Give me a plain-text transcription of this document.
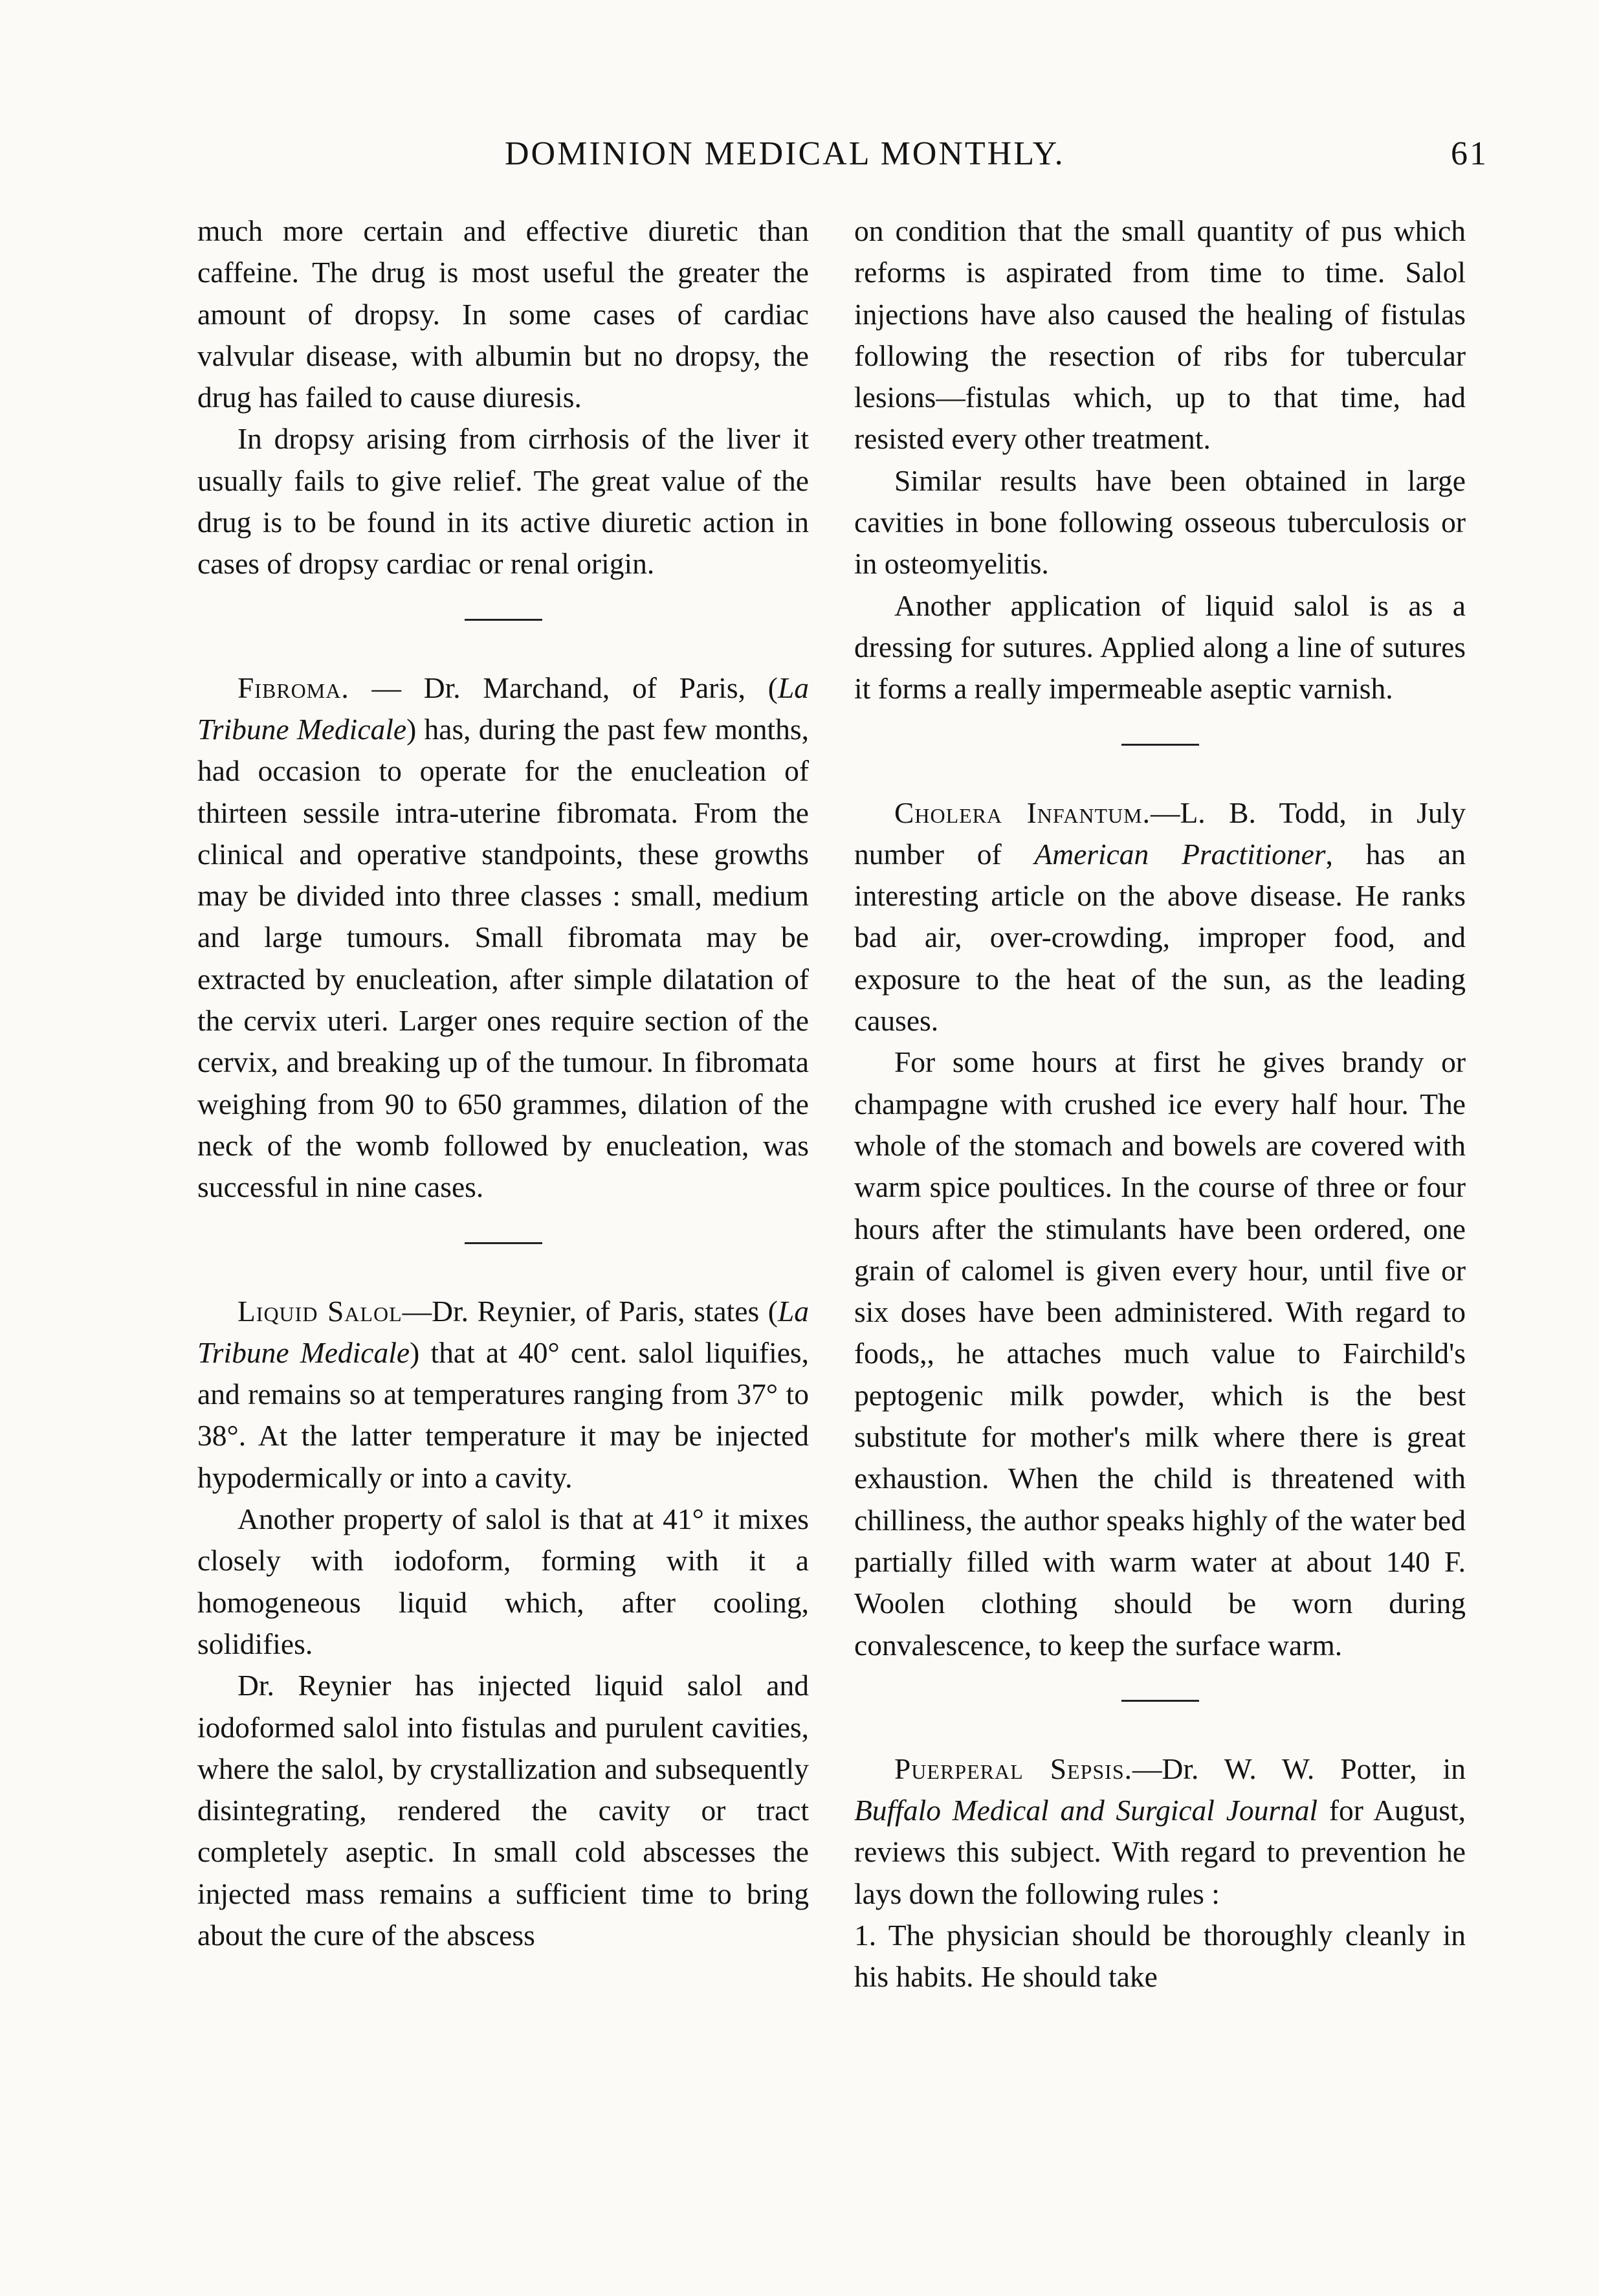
DOMINION MEDICAL MONTHLY.	61

much more certain and effective diuretic than caffeine. The drug is most useful the greater the amount of dropsy. In some cases of cardiac valvular disease, with albumin but no dropsy, the drug has failed to cause diuresis.

In dropsy arising from cirrhosis of the liver it usually fails to give relief. The great value of the drug is to be found in its active diuretic action in cases of dropsy cardiac or renal origin.

Fibroma. — Dr. Marchand, of Paris, (La Tribune Medicale) has, during the past few months, had occasion to operate for the enucleation of thirteen sessile intra-uterine fibromata. From the clinical and operative standpoints, these growths may be divided into three classes : small, medium and large tumours. Small fibromata may be extracted by enucleation, after simple dilatation of the cervix uteri. Larger ones require section of the cervix, and breaking up of the tumour. In fibromata weighing from 90 to 650 grammes, dilation of the neck of the womb followed by enucleation, was successful in nine cases.

Liquid Salol—Dr. Reynier, of Paris, states (La Tribune Medicale) that at 40° cent. salol liquifies, and remains so at temperatures ranging from 37° to 38°. At the latter temperature it may be injected hypodermically or into a cavity.

Another property of salol is that at 41° it mixes closely with iodoform, forming with it a homogeneous liquid which, after cooling, solidifies.

Dr. Reynier has injected liquid salol and iodoformed salol into fistulas and purulent cavities, where the salol, by crystallization and subsequently disintegrating, rendered the cavity or tract completely aseptic. In small cold abscesses the injected mass remains a sufficient time to bring about the cure of the abscess

on condition that the small quantity of pus which reforms is aspirated from time to time. Salol injections have also caused the healing of fistulas following the resection of ribs for tubercular lesions—fistulas which, up to that time, had resisted every other treatment.

Similar results have been obtained in large cavities in bone following osseous tuberculosis or in osteomyelitis.

Another application of liquid salol is as a dressing for sutures. Applied along a line of sutures it forms a really impermeable aseptic varnish.

Cholera Infantum.—L. B. Todd, in July number of American Practitioner, has an interesting article on the above disease. He ranks bad air, over-crowding, improper food, and exposure to the heat of the sun, as the leading causes.

For some hours at first he gives brandy or champagne with crushed ice every half hour. The whole of the stomach and bowels are covered with warm spice poultices. In the course of three or four hours after the stimulants have been ordered, one grain of calomel is given every hour, until five or six doses have been administered. With regard to foods,, he attaches much value to Fairchild's peptogenic milk powder, which is the best substitute for mother's milk where there is great exhaustion. When the child is threatened with chilliness, the author speaks highly of the water bed partially filled with warm water at about 140 F. Woolen clothing should be worn during convalescence, to keep the surface warm.

Puerperal Sepsis.—Dr. W. W. Potter, in Buffalo Medical and Surgical Journal for August, reviews this subject. With regard to prevention he lays down the following rules :

1. The physician should be thoroughly cleanly in his habits. He should take
